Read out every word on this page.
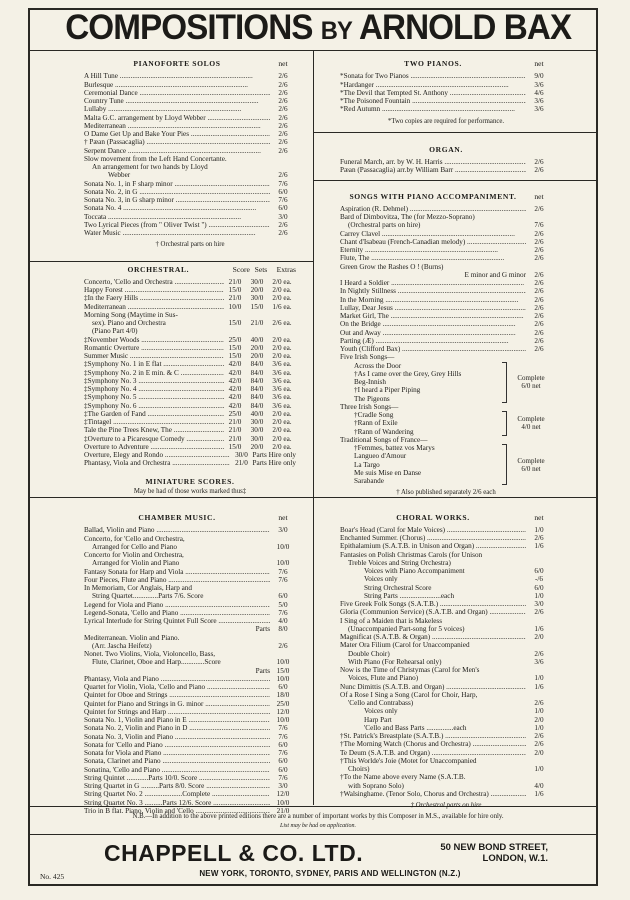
COMPOSITIONS BY ARNOLD BAX
PIANOFORTE SOLOS	net
A Hill Tune .....	2/6
Burlesque .....	2/6
Ceremonial Dance .....	2/6
Country Tune .....	2/6
Lullaby .....	2/6
Malta G.C. arrangement by Lloyd Webber .....	2/6
Mediterranean .....	2/6
O Dame Get Up and Bake Your Pies .....	2/6
† Pæan (Passacaglia) .....	2/6
Serpent Dance .....	2/6
Slow movement from the Left Hand Concertante.
An arrangement for two hands by Lloyd
Webber	2/6
Sonata No. 1, in F sharp minor .....	7/6
Sonata No. 2, in G .....	6/0
Sonata No. 3, in G sharp minor .....	7/6
Sonata No. 4 .....	6/0
Toccata .....	3/0
Two Lyrical Pieces (from " Oliver Twist ") .....	2/6
Water Music .....	2/6
† Orchestral parts on hire
ORCHESTRAL.	Score Sets	Extras
Concerto, 'Cello and Orchestra .....	21/0	30/0	2/0 ea.
Happy Forest .....	15/0	20/0	2/0 ea.
‡In the Faery Hills .....	21/0	30/0	2/0 ea.
Mediterranean .....	10/0	15/0	1/6 ea.
Morning Song (Maytime in Sus-
sex). Piano and Orchestra	15/0	21/0	2/6 ea.
(Piano Part 4/0)
‡November Woods .....	25/0	40/0	2/0 ea.
Romantic Overture .....	15/0	20/0	2/0 ea.
Summer Music .....	15/0	20/0	2/0 ea.
‡Symphony No. 1 in E flat .....	42/0	84/0	3/6 ea.
‡Symphony No. 2 in E min. & C .....	42/0	84/0	3/6 ea.
‡Symphony No. 3 .....	42/0	84/0	3/6 ea.
‡Symphony No. 4 .....	42/0	84/0	3/6 ea.
‡Symphony No. 5 .....	42/0	84/0	3/6 ea.
‡Symphony No. 6 .....	42/0	84/0	3/6 ea.
‡The Garden of Fand .....	25/0	40/0	2/0 ea.
‡Tintagel .....	21/0	30/0	2/0 ea.
Tale the Pine Trees Knew, The .....	21/0	30/0	2/0 ea.
‡Overture to a Picaresque Comedy .....	21/0	30/0	2/0 ea.
Overture to Adventure .....	15/0	20/0	2/0 ea.
Overture, Elegy and Rondo .....	30/0 Parts Hire only
Phantasy, Viola and Orchestra .....	21/0 Parts Hire only
MINIATURE SCORES.
May be had of those works marked thus‡
CHAMBER MUSIC.	net
Ballad, Violin and Piano .....	3/0
Concerto, for 'Cello and Orchestra,
Arranged for Cello and Piano	10/0
Concerto for Violin and Orchestra,
Arranged for Violin and Piano	10/0
Fantasy Sonata for Harp and Viola .....	7/6
Four Pieces, Flute and Piano .....	7/6
In Memoriam, Cor Anglais, Harp and
String Quartet..............Parts 7/6. Score	6/0
Legend for Viola and Piano .....	5/0
Legend-Sonata, 'Cello and Piano .....	7/6
Lyrical Interlude for String Quintet Full Score .....	4/0
Parts	8/0
Mediterranean. Violin and Piano.
(Arr. Jascha Heifetz)	2/6
Nonet. Two Violins, Viola, Violoncello, Bass,
Flute, Clarinet, Oboe and Harp.............Score	10/0
Parts 15/0
Phantasy, Viola and Piano .....	10/0
Quartet for Violin, Viola, 'Cello and Piano .....	6/0
Quintet for Oboe and Strings .....	18/0
Quintet for Piano and Strings in G. minor .....	25/0
Quintet for Strings and Harp .....	12/0
Sonata No. 1, Violin and Piano in E .....	10/0
Sonata No. 2, Violin and Piano in D .....	7/6
Sonata No. 3, Violin and Piano .....	7/6
Sonata for 'Cello and Piano .....	6/0
Sonata for Viola and Piano .....	7/6
Sonata, Clarinet and Piano .....	6/0
Sonatina, 'Cello and Piano .....	6/0
String Quintet ............Parts 10/0. Score .....	7/6
String Quartet in G ..........Parts 8/0. Score .....	3/0
String Quartet No. 2 .....................Complete .....	12/0
String Quartet No. 3 ..........Parts 12/6. Score .....	10/0
Trio in B flat. Piano, Violin and 'Cello .....	21/0
TWO PIANOS.	net
*Sonata for Two Pianos .....	9/0
*Hardanger .....	3/6
*The Devil that Tempted St. Anthony .....	4/6
*The Poisoned Fountain .....	3/6
*Red Autumn .....	3/6
*Two copies are required for performance.
ORGAN.
Funeral March, arr. by W. H. Harris .....	2/6
Pæan (Passacaglia) arr.by William Barr .....	2/6
SONGS WITH PIANO ACCOMPANIMENT.	net
Aspiration (R. Dehmel) .....	2/6
Bard of Dimbovitza, The (for Mezzo-Soprano)
(Orchestral parts on hire)	7/6
Carrey Clavel .....	2/6
Chant d'Isabeau (French-Canadian melody) .....	2/6
Eternity .....	2/6
Flute, The .....	2/6
Green Grow the Rashes O ! (Burns)
E minor and G minor	2/6
I Heard a Soldier .....	2/6
In Nightly Stillness .....	2/6
In the Morning .....	2/6
Lullay, Dear Jesus .....	2/6
Market Girl, The .....	2/6
On the Bridge .....	2/6
Out and Away .....	2/6
Parting (Æ) .....	2/6
Youth (Clifford Bax) .....	2/6
Five Irish Songs—
Across the Door
†As I came over the Grey, Grey Hills
Beg-Innish
†I heard a Piper Piping
The Pigeons
Complete
6/0 net
Three Irish Songs—
†Cradle Song
†Rann of Exile
†Rann of Wandering
Complete
4/0 net
Traditional Songs of France—
†Femmes, battez vos Marys
Langueo d'Amour
La Targo
Me suis Mise en Danse
Sarabande
Complete
6/0 net
† Also published separately 2/6 each
CHORAL WORKS.	net
Boar's Head (Carol for Male Voices) .....	1/0
Enchanted Summer. (Chorus) .....	2/6
Epithalamium (S.A.T.B. in Unison and Organ) .....	1/6
Fantasies on Polish Christmas Carols (for Unison
Treble Voices and String Orchestra)
Voices with Piano Accompaniment	6/0
Voices only	-/6
String Orchestral Score	6/0
String Parts .......................each	1/0
Five Greek Folk Songs (S.A.T.B.) .....	3/0
Gloria (Communion Service) (S.A.T.B. and Organ) .....	2/6
I Sing of a Maiden that is Makeless
(Unaccompanied Part-song for 5 voices)	1/6
Magnificat (S.A.T.B. & Organ) .....	2/0
Mater Ora Filium (Carol for Unaccompanied
Double Choir)	2/6
With Piano (For Rehearsal only)	3/6
Now is the Time of Christymas (Carol for Men's
Voices, Flute and Piano)	1/0
Nunc Dimittis (S.A.T.B. and Organ) .....	1/6
Of a Rose I Sing a Song (Carol for Choir, Harp,
'Cello and Contrabass)	2/6
Voices only	1/0
Harp Part	2/0
'Cello and Bass Parts ...............each	1/0
†St. Patrick's Breastplate (S.A.T.B.) .....	2/6
†The Morning Watch (Chorus and Orchestra) .....	2/6
Te Deum (S.A.T.B. and Organ) .....	2/0
†This Worlde's Joie (Motet for Unaccompanied
Choirs)	1/0
†To the Name above every Name (S.A.T.B.
with Soprano Solo)	4/0
†Walsinghame. (Tenor Solo, Chorus and Orchestra) .....	1/6
† Orchestral parts on hire
N.B.—In addition to the above printed editions there are a number of important works by this Composer in M.S., available for hire only.
List may be had on application.
CHAPPELL & CO. LTD.	50 NEW BOND STREET,
LONDON, W.1.
NEW YORK, TORONTO, SYDNEY, PARIS AND WELLINGTON (N.Z.)
No. 425
